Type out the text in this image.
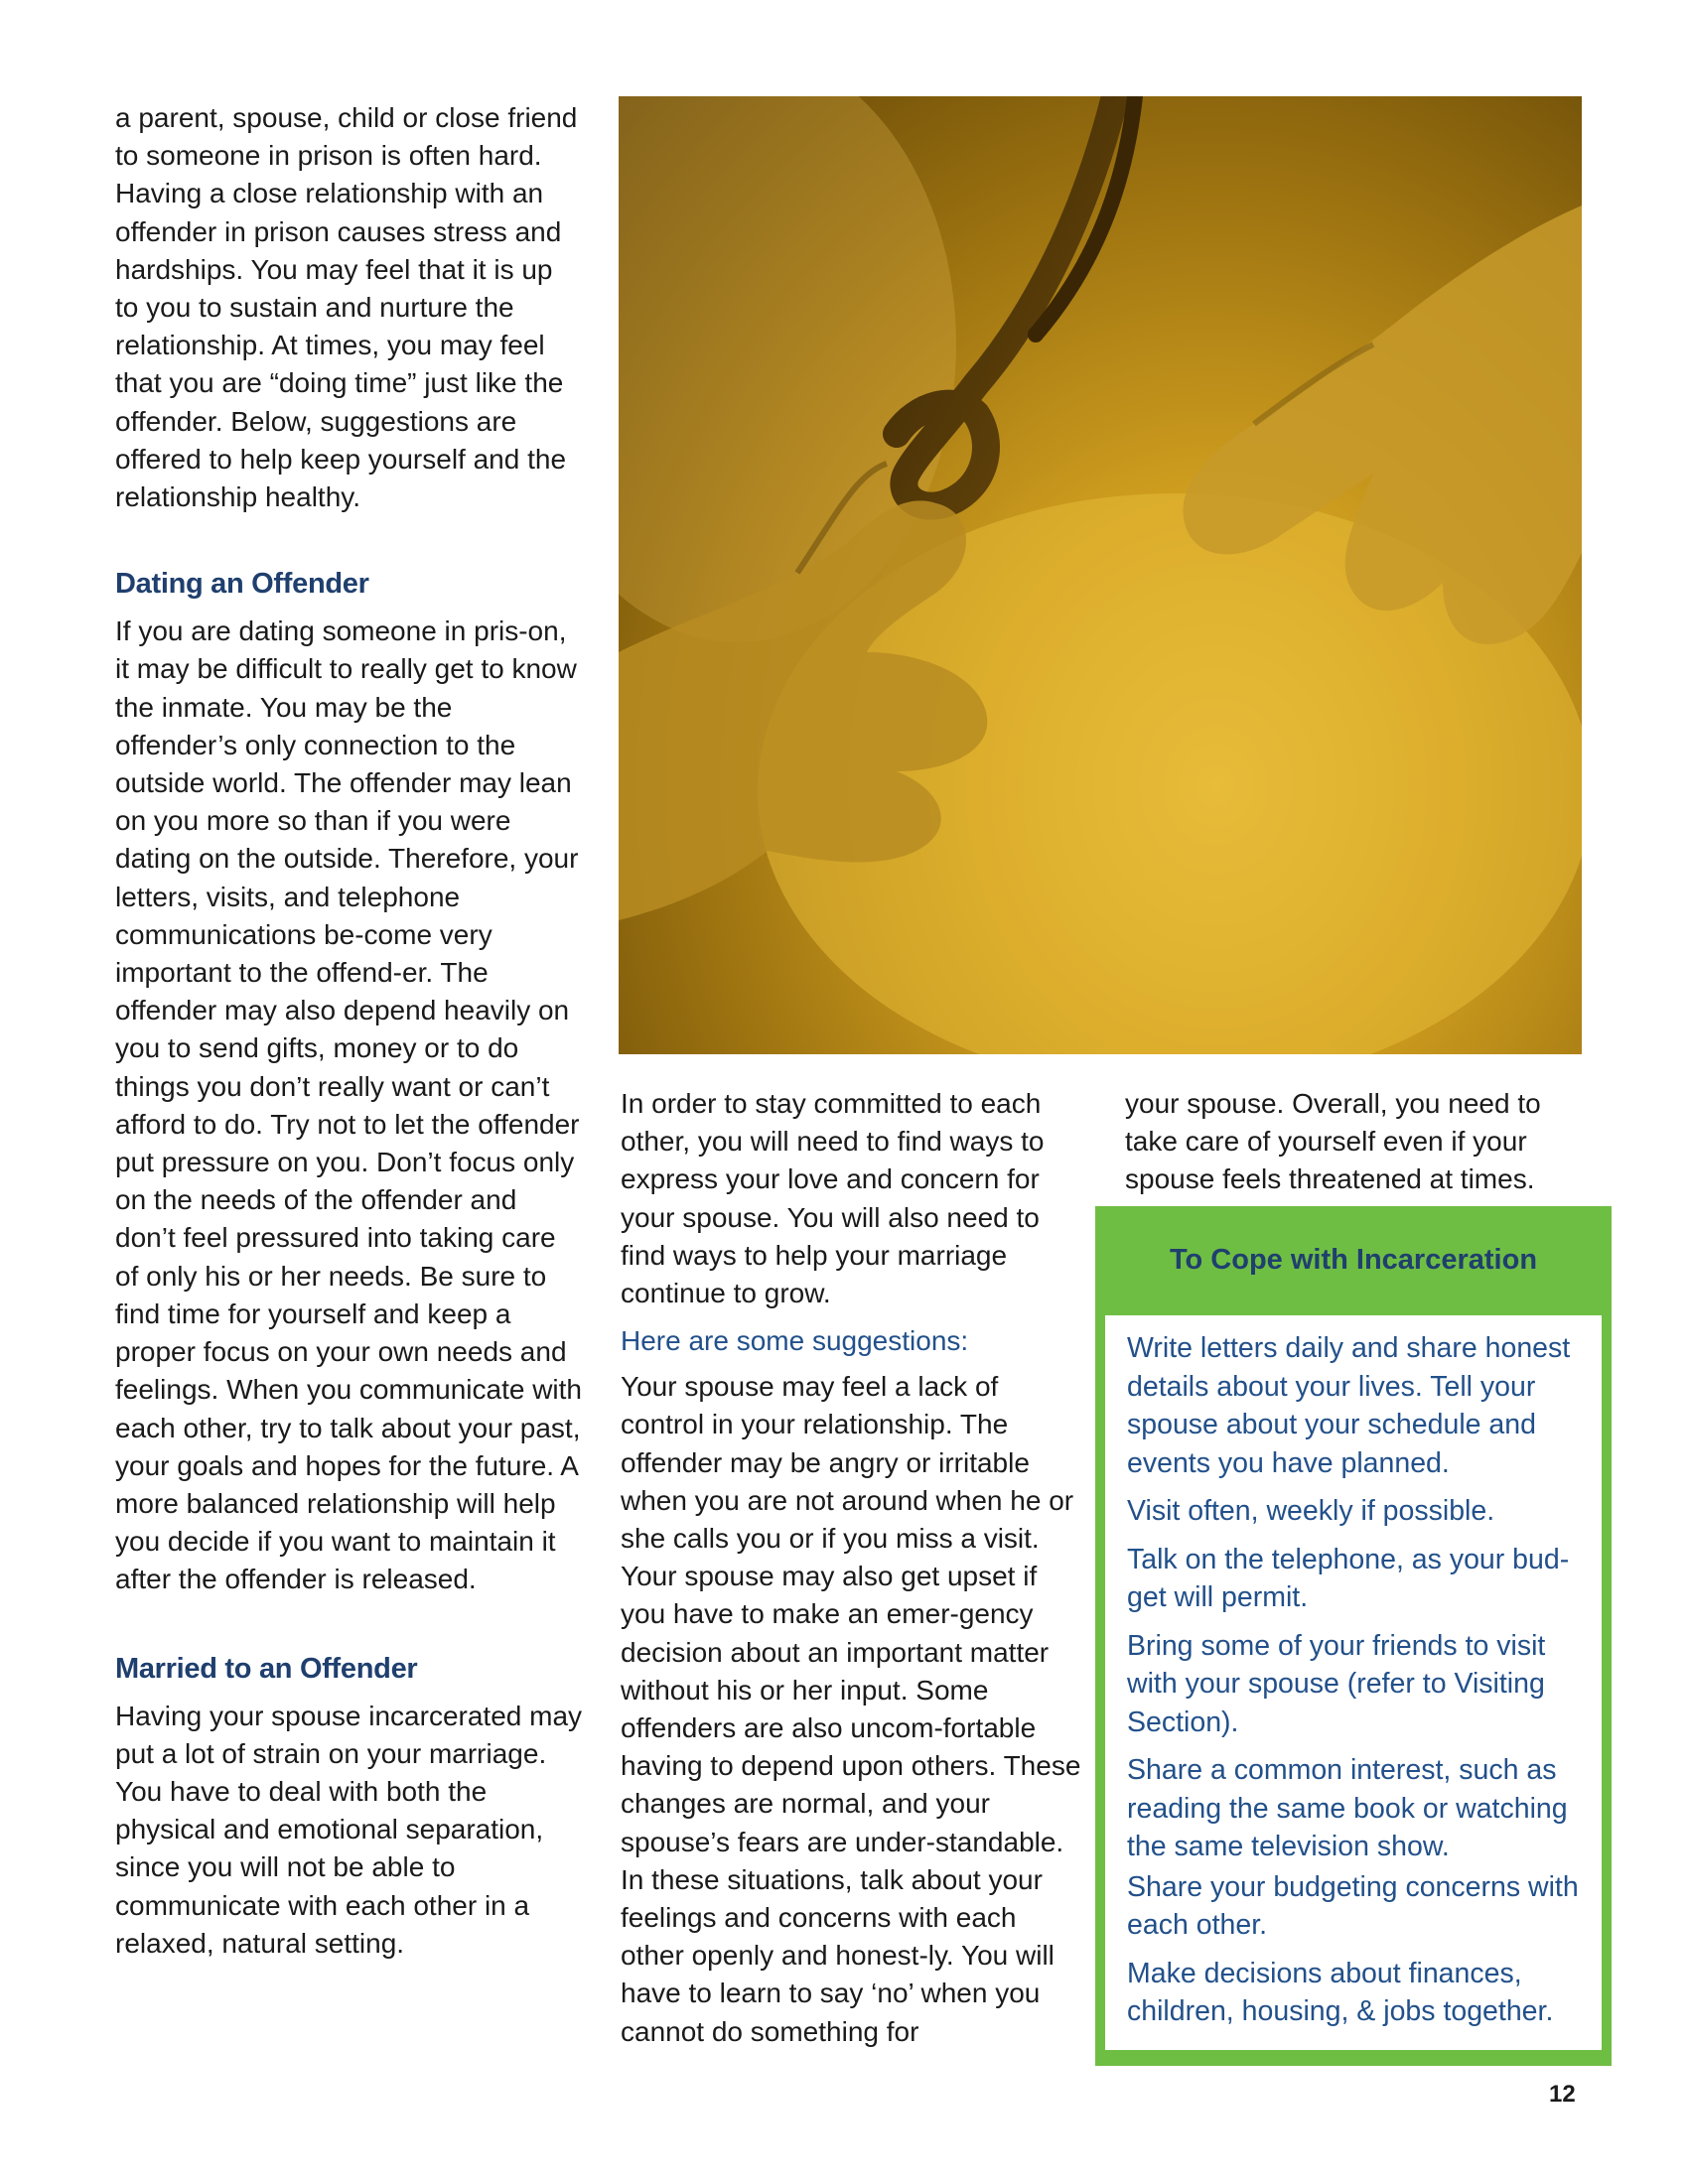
a parent, spouse, child or close friend to someone in prison is often hard. Having a close relationship with an offender in prison causes stress and hardships. You may feel that it is up to you to sustain and nurture the relationship. At times, you may feel that you are “doing time” just like the offender. Below, suggestions are offered to help keep yourself and the relationship healthy.

Dating an Offender

If you are dating someone in pris-on, it may be difficult to really get to know the inmate. You may be the offender’s only connection to the outside world. The offender may lean on you more so than if you were dating on the outside. Therefore, your letters, visits, and telephone communications be-come very important to the offend-er. The offender may also depend heavily on you to send gifts, money or to do things you don’t really want or can’t afford to do. Try not to let the offender put pressure on you. Don’t focus only on the needs of the offender and don’t feel pressured into taking care of only his or her needs. Be sure to find time for yourself and keep a proper focus on your own needs and feelings. When you communicate with each other, try to talk about your past, your goals and hopes for the future. A more balanced relationship will help you decide if you want to maintain it after the offender is released.

Married to an Offender

Having your spouse incarcerated may put a lot of strain on your marriage. You have to deal with both the physical and emotional separation, since you will not be able to communicate with each other in a relaxed, natural setting.

In order to stay committed to each other, you will need to find ways to express your love and concern for your spouse. You will also need to find ways to help your marriage continue to grow.

Here are some suggestions:

Your spouse may feel a lack of control in your relationship. The offender may be angry or irritable when you are not around when he or she calls you or if you miss a visit. Your spouse may also get upset if you have to make an emer-gency decision about an important matter without his or her input. Some offenders are also uncom-fortable having to depend upon others. These changes are normal, and your spouse’s fears are under-standable. In these situations, talk about your feelings and concerns with each other openly and honest-ly. You will have to learn to say ‘no’ when you cannot do something for

your spouse. Overall, you need to take care of yourself even if your spouse feels threatened at times.

To Cope with Incarceration
Write letters daily and share honest details about your lives. Tell your spouse about your schedule and events you have planned.
Visit often, weekly if possible.
Talk on the telephone, as your bud-get will permit.
Bring some of your friends to visit with your spouse (refer to Visiting Section).
Share a common interest, such as reading the same book or watching the same television show.
Share your budgeting concerns with each other.
Make decisions about finances, children, housing, & jobs together.
12
